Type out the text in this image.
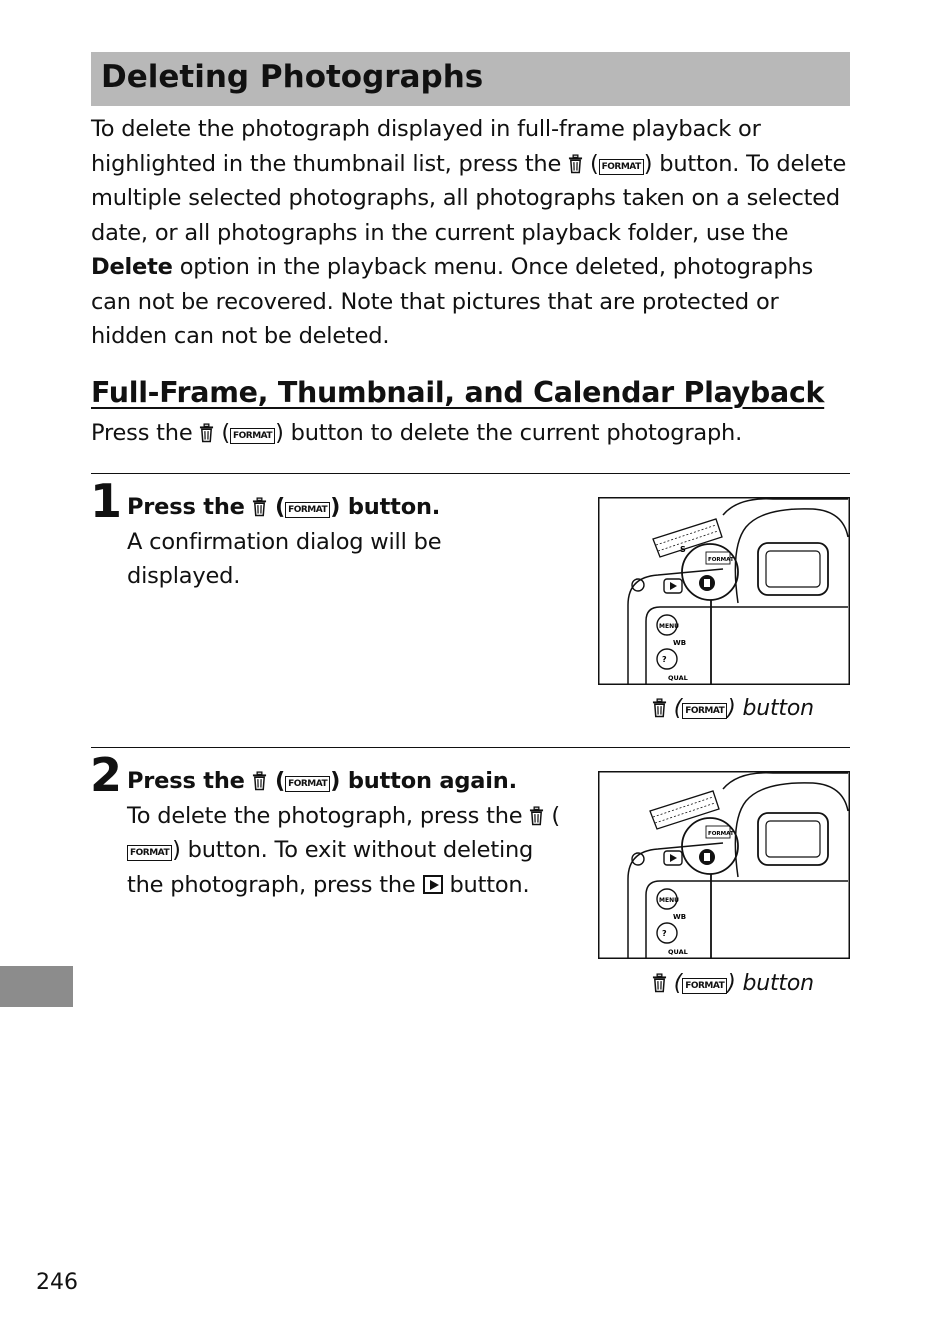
Deleting Photographs

To delete the photograph displayed in full-frame playback or highlighted in the thumbnail list, press the  ( FORMAT ) button. To delete multiple selected photographs, all photographs taken on a selected date, or all photographs in the current playback folder, use the Delete option in the playback menu. Once deleted, photographs can not be recovered. Note that pictures that are protected or hidden can not be deleted.

Full-Frame, Thumbnail, and Calendar Playback

Press the  ( FORMAT ) button to delete the current photograph.

1 Press the  ( FORMAT ) button.
A confirmation dialog will be displayed.
S
FORMAT
MENU
WB
?
QUAL
( FORMAT ) button
2 Press the  ( FORMAT ) button again.
To delete the photograph, press the  (FORMAT ) button. To exit without deleting the photograph, press the button.
FORMAT
MENU
WB
?
QUAL
( FORMAT ) button
246
